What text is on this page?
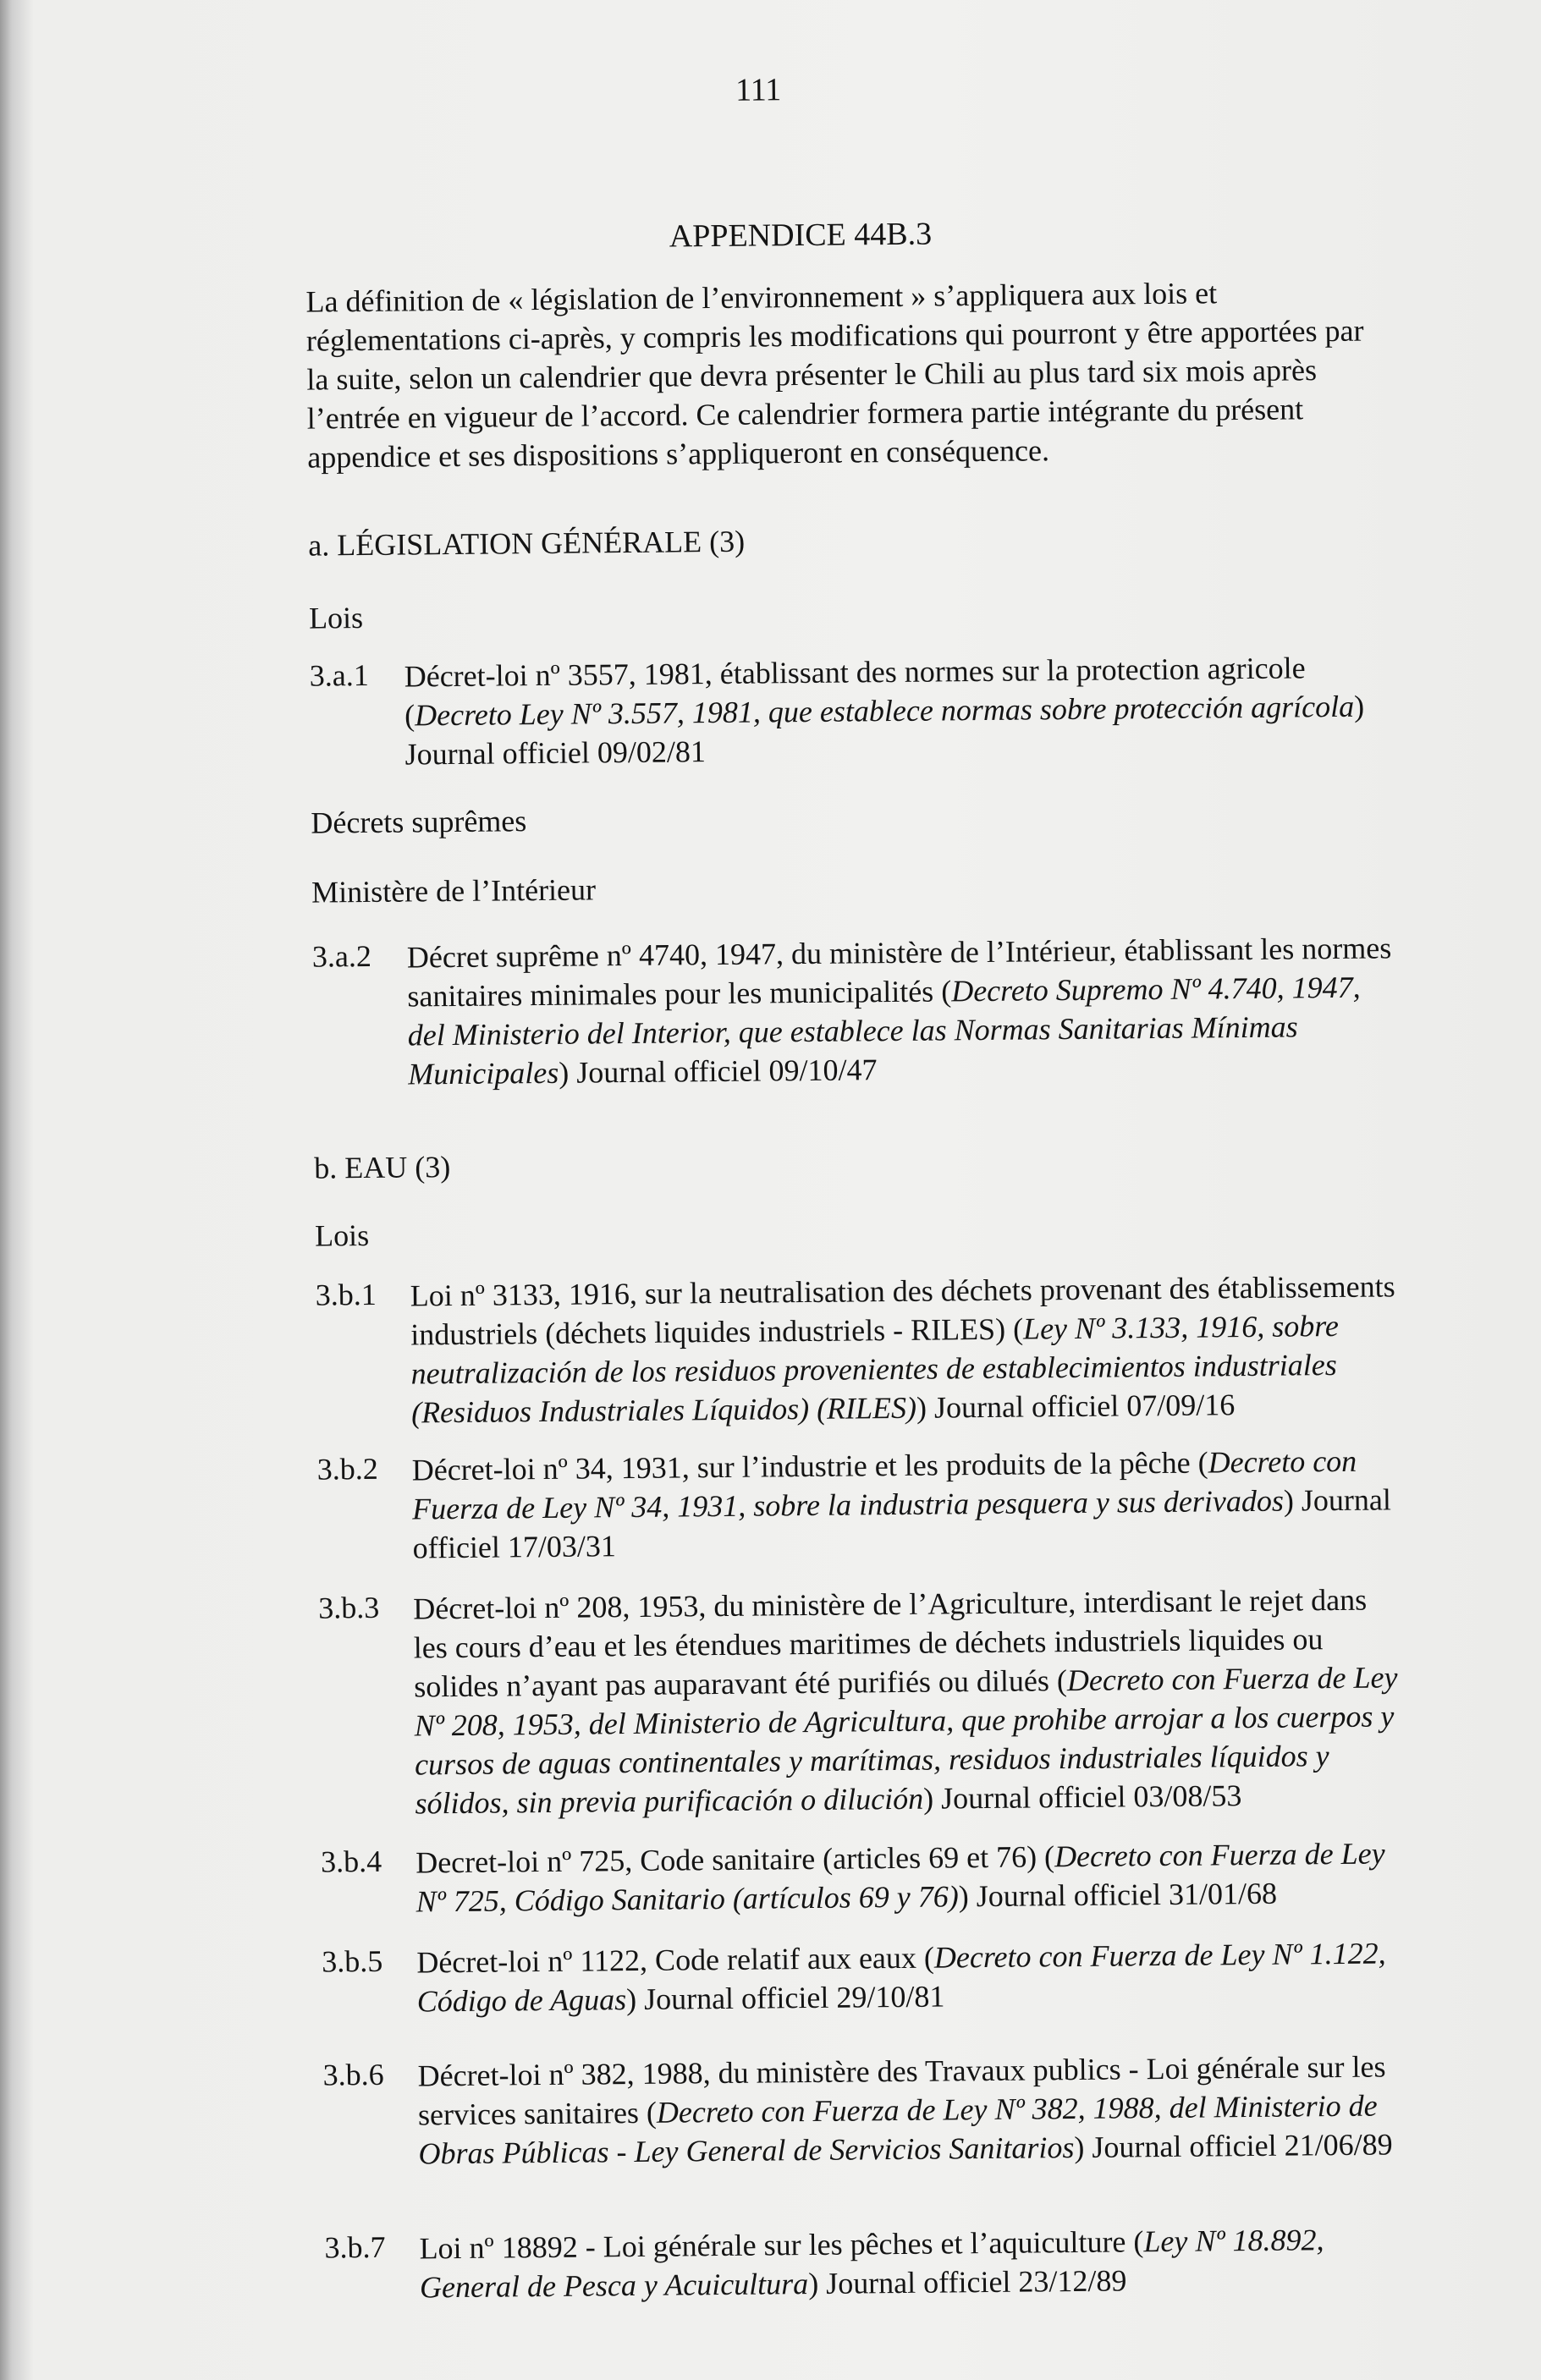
111
APPENDICE 44B.3

La définition de « législation de l’environnement » s’appliquera aux lois et réglementations ci-après, y compris les modifications qui pourront y être apportées par la suite, selon un calendrier que devra présenter le Chili au plus tard six mois après l’entrée en vigueur de l’accord. Ce calendrier formera partie intégrante du présent appendice et ses dispositions s’appliqueront en conséquence.

a. LÉGISLATION GÉNÉRALE (3)
Lois
3.a.1 Décret-loi nº 3557, 1981, établissant des normes sur la protection agricole (Decreto Ley Nº 3.557, 1981, que establece normas sobre protección agrícola) Journal officiel 09/02/81

Décrets suprêmes
Ministère de l’Intérieur
3.a.2 Décret suprême nº 4740, 1947, du ministère de l’Intérieur, établissant les normes sanitaires minimales pour les municipalités (Decreto Supremo Nº 4.740, 1947, del Ministerio del Interior, que establece las Normas Sanitarias Mínimas Municipales) Journal officiel 09/10/47

b. EAU (3)
Lois
3.b.1 Loi nº 3133, 1916, sur la neutralisation des déchets provenant des établissements industriels (déchets liquides industriels - RILES) (Ley Nº 3.133, 1916, sobre neutralización de los residuos provenientes de establecimientos industriales (Residuos Industriales Líquidos) (RILES)) Journal officiel 07/09/16

3.b.2 Décret-loi nº 34, 1931, sur l’industrie et les produits de la pêche (Decreto con Fuerza de Ley Nº 34, 1931, sobre la industria pesquera y sus derivados) Journal officiel 17/03/31

3.b.3 Décret-loi nº 208, 1953, du ministère de l’Agriculture, interdisant le rejet dans les cours d’eau et les étendues maritimes de déchets industriels liquides ou solides n’ayant pas auparavant été purifiés ou dilués (Decreto con Fuerza de Ley Nº 208, 1953, del Ministerio de Agricultura, que prohibe arrojar a los cuerpos y cursos de aguas continentales y marítimas, residuos industriales líquidos y sólidos, sin previa purificación o dilución) Journal officiel 03/08/53

3.b.4 Decret-loi nº 725, Code sanitaire (articles 69 et 76) (Decreto con Fuerza de Ley Nº 725, Código Sanitario (artículos 69 y 76)) Journal officiel 31/01/68

3.b.5 Décret-loi nº 1122, Code relatif aux eaux (Decreto con Fuerza de Ley Nº 1.122, Código de Aguas) Journal officiel 29/10/81

3.b.6 Décret-loi nº 382, 1988, du ministère des Travaux publics - Loi générale sur les services sanitaires (Decreto con Fuerza de Ley Nº 382, 1988, del Ministerio de Obras Públicas - Ley General de Servicios Sanitarios) Journal officiel 21/06/89

3.b.7 Loi nº 18892 - Loi générale sur les pêches et l’aquiculture (Ley Nº 18.892, General de Pesca y Acuicultura) Journal officiel 23/12/89
